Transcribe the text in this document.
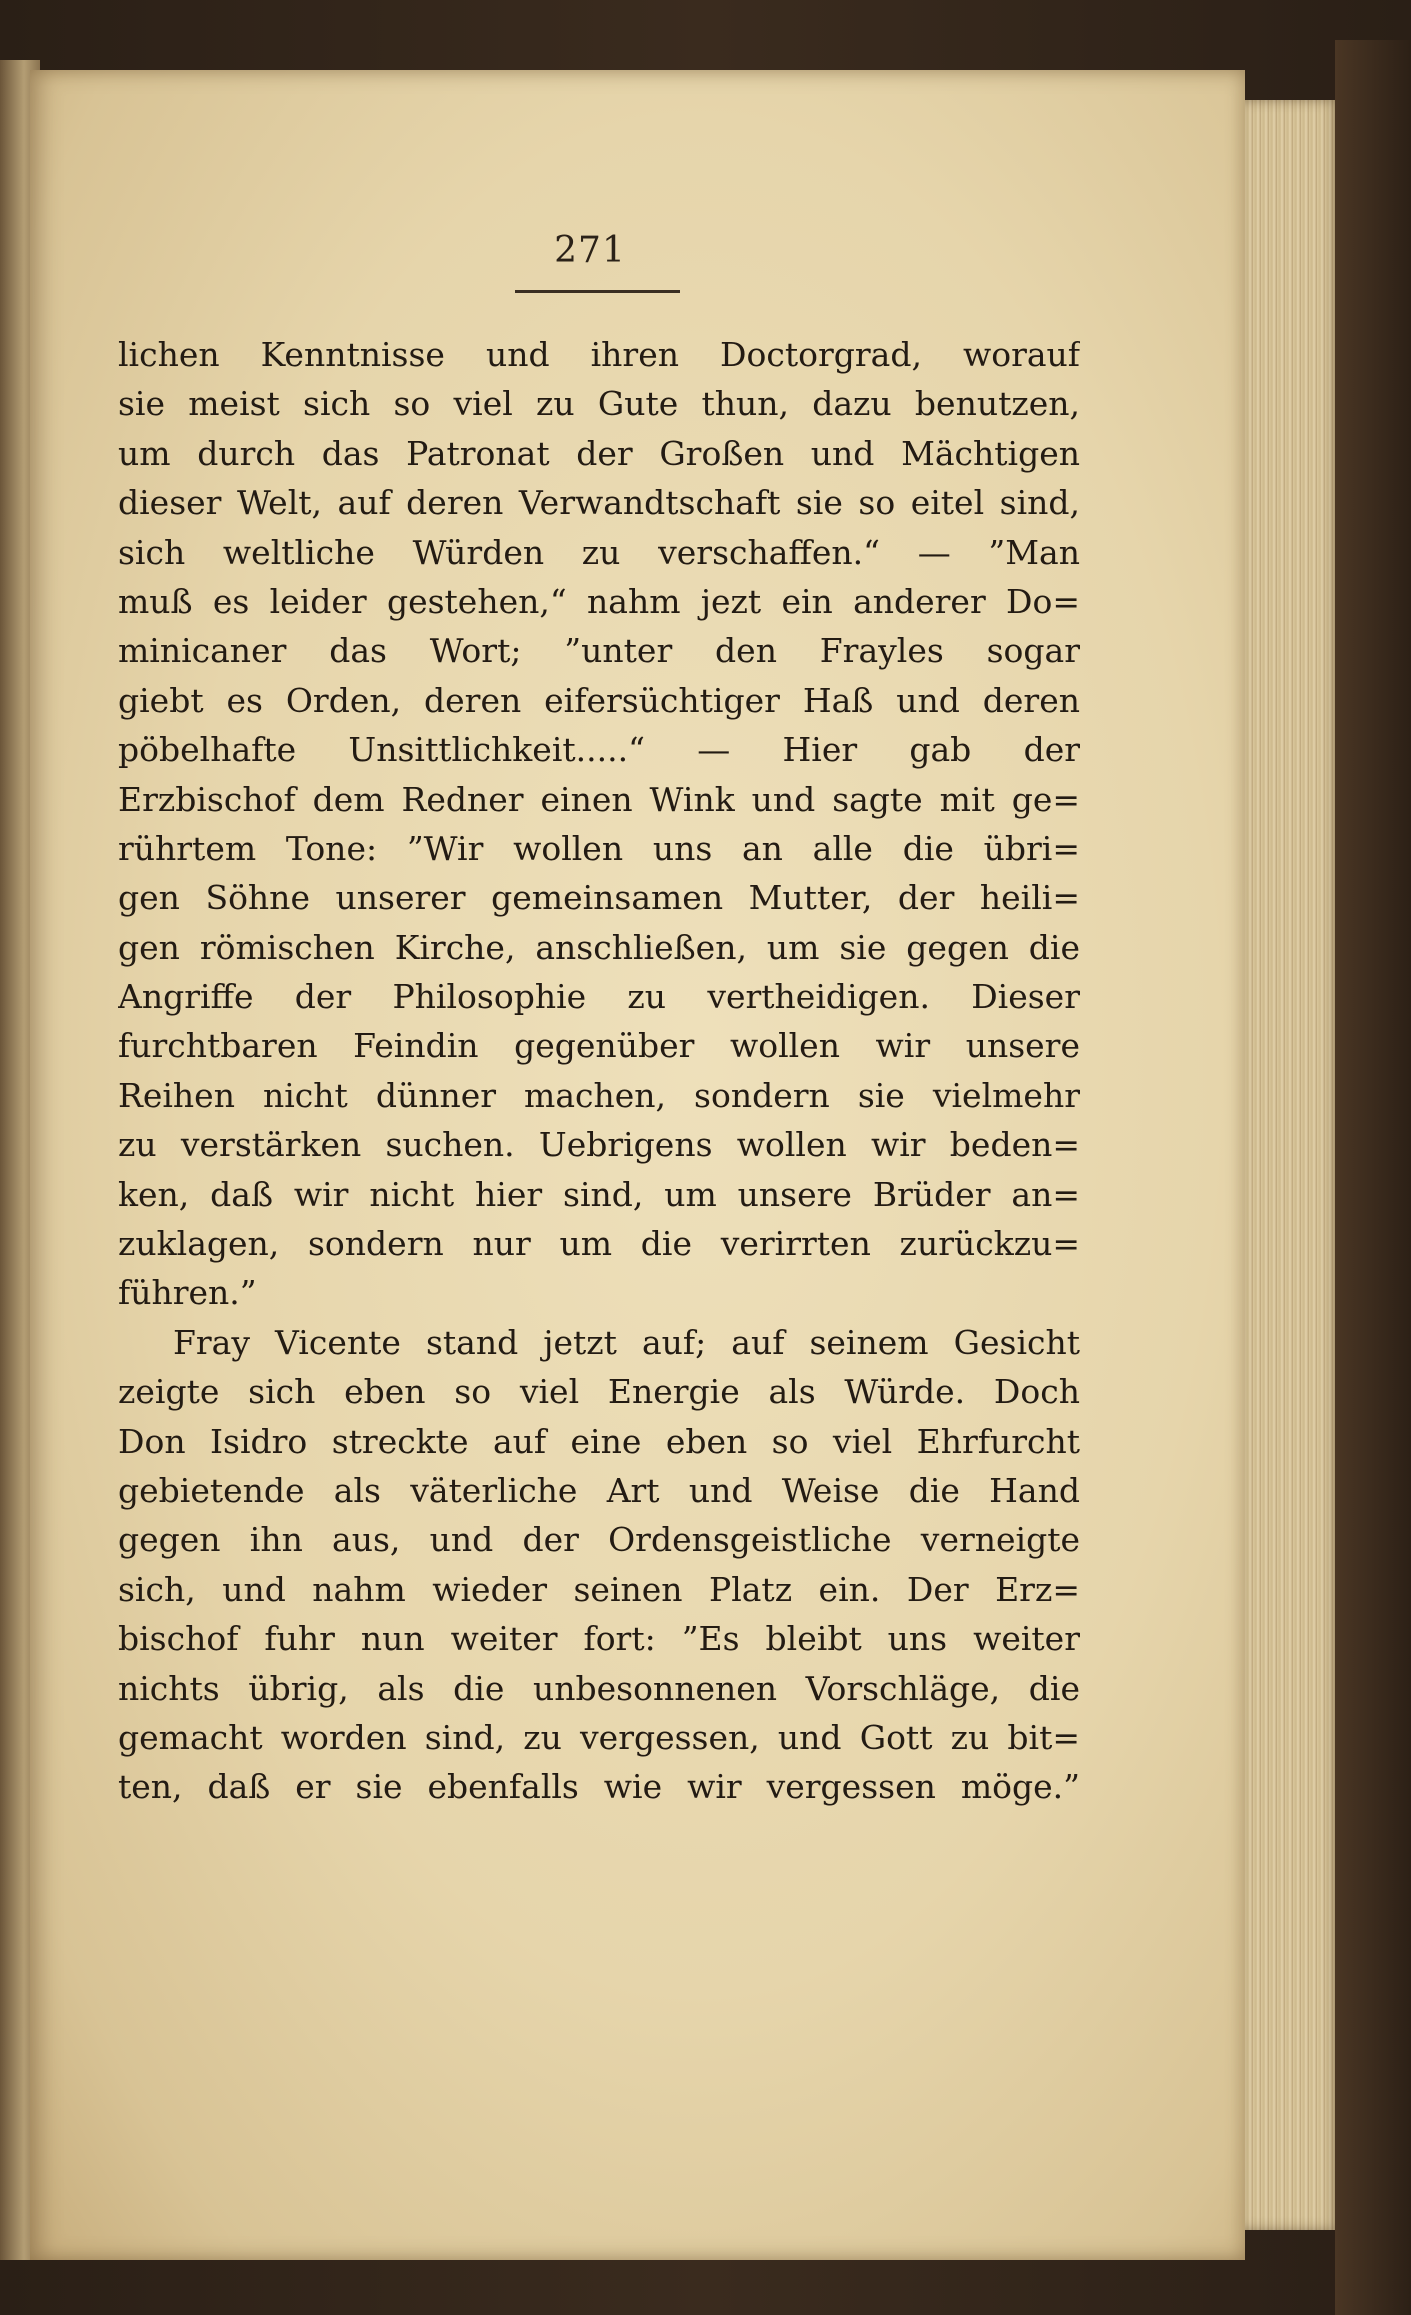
271
lichen Kenntnisse und ihren Doctorgrad, worauf
sie meist sich so viel zu Gute thun, dazu benutzen,
um durch das Patronat der Großen und Mächtigen
dieser Welt, auf deren Verwandtschaft sie so eitel sind,
sich weltliche Würden zu verschaffen.“ — ”Man
muß es leider gestehen,“ nahm jezt ein anderer Do=
minicaner das Wort; ”unter den Frayles sogar
giebt es Orden, deren eifersüchtiger Haß und deren
pöbelhafte Unsittlichkeit.....“ — Hier gab der
Erzbischof dem Redner einen Wink und sagte mit ge=
rührtem Tone: ”Wir wollen uns an alle die übri=
gen Söhne unserer gemeinsamen Mutter, der heili=
gen römischen Kirche, anschließen, um sie gegen die
Angriffe der Philosophie zu vertheidigen. Dieser
furchtbaren Feindin gegenüber wollen wir unsere
Reihen nicht dünner machen, sondern sie vielmehr
zu verstärken suchen. Uebrigens wollen wir beden=
ken, daß wir nicht hier sind, um unsere Brüder an=
zuklagen, sondern nur um die verirrten zurückzu=
führen.”
Fray Vicente stand jetzt auf; auf seinem Gesicht
zeigte sich eben so viel Energie als Würde. Doch
Don Isidro streckte auf eine eben so viel Ehrfurcht
gebietende als väterliche Art und Weise die Hand
gegen ihn aus, und der Ordensgeistliche verneigte
sich, und nahm wieder seinen Platz ein. Der Erz=
bischof fuhr nun weiter fort: ”Es bleibt uns weiter
nichts übrig, als die unbesonnenen Vorschläge, die
gemacht worden sind, zu vergessen, und Gott zu bit=
ten, daß er sie ebenfalls wie wir vergessen möge.”
